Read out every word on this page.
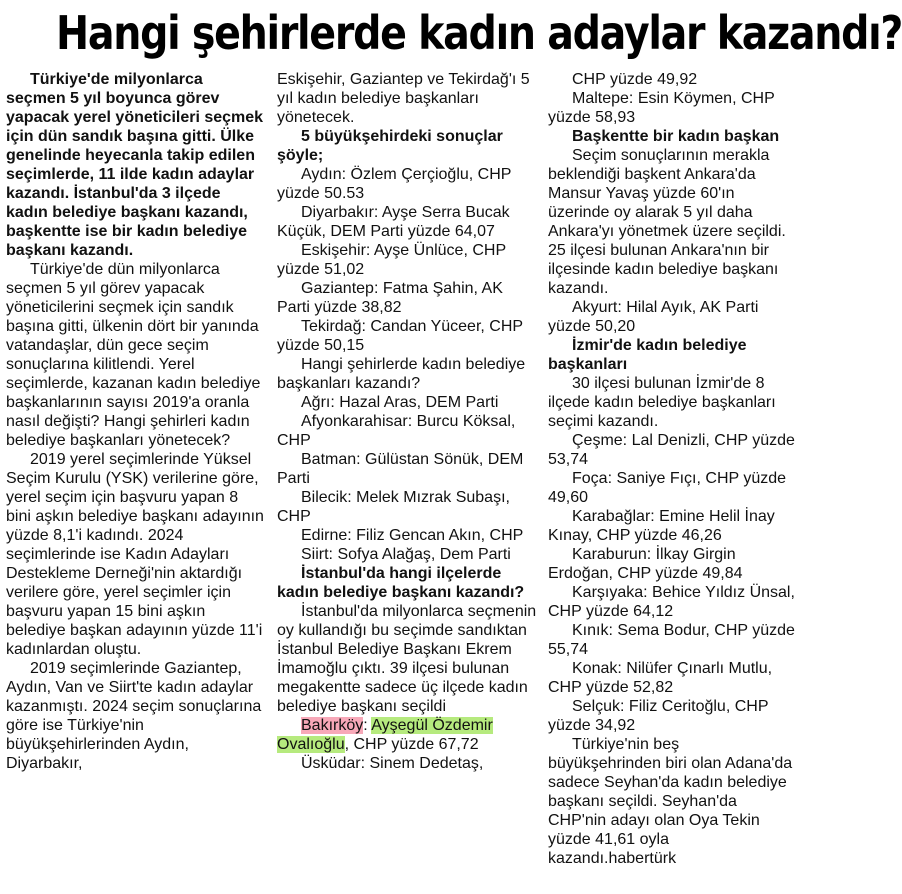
Hangi şehirlerde kadın adaylar kazandı?

Türkiye'de milyonlarca seçmen 5 yıl boyunca görev yapacak yerel yöneticileri seçmek için dün sandık başına gitti. Ülke genelinde heyecanla takip edilen seçimlerde, 11 ilde kadın adaylar kazandı. İstanbul'da 3 ilçede kadın belediye başkanı kazandı, başkentte ise bir kadın belediye başkanı kazandı.

Türkiye'de dün milyonlarca seçmen 5 yıl görev yapacak yöneticilerini seçmek için sandık başına gitti, ülkenin dört bir yanında vatandaşlar, dün gece seçim sonuçlarına kilitlendi. Yerel seçimlerde, kazanan kadın belediye başkanlarının sayısı 2019'a oranla nasıl değişti? Hangi şehirleri kadın belediye başkanları yönetecek?

2019 yerel seçimlerinde Yüksel Seçim Kurulu (YSK) verilerine göre, yerel seçim için başvuru yapan 8 bini aşkın belediye başkanı adayının yüzde 8,1'i kadındı. 2024 seçimlerinde ise Kadın Adayları Destekleme Derneği'nin aktardığı verilere göre, yerel seçimler için başvuru yapan 15 bini aşkın belediye başkan adayının yüzde 11'i kadınlardan oluştu.

2019 seçimlerinde Gaziantep, Aydın, Van ve Siirt'te kadın adaylar kazanmıştı. 2024 seçim sonuçlarına göre ise Türkiye'nin büyükşehirlerinden Aydın, Diyarbakır,

Eskişehir, Gaziantep ve Tekirdağ'ı 5 yıl kadın belediye başkanları yönetecek.

5 büyükşehirdeki sonuçlar şöyle;

Aydın: Özlem Çerçioğlu, CHP yüzde 50.53

Diyarbakır: Ayşe Serra Bucak Küçük, DEM Parti yüzde 64,07

Eskişehir: Ayşe Ünlüce, CHP yüzde 51,02

Gaziantep: Fatma Şahin, AK Parti yüzde 38,82

Tekirdağ: Candan Yüceer, CHP yüzde 50,15

Hangi şehirlerde kadın belediye başkanları kazandı?

Ağrı: Hazal Aras, DEM Parti

Afyonkarahisar: Burcu Köksal, CHP

Batman: Gülüstan Sönük, DEM Parti

Bilecik: Melek Mızrak Subaşı, CHP

Edirne: Filiz Gencan Akın, CHP

Siirt: Sofya Alağaş, Dem Parti

İstanbul'da hangi ilçelerde kadın belediye başkanı kazandı?

İstanbul'da milyonlarca seçmenin oy kullandığı bu seçimde sandıktan İstanbul Belediye Başkanı Ekrem İmamoğlu çıktı. 39 ilçesi bulunan megakentte sadece üç ilçede kadın belediye başkanı seçildi

Bakırköy: Ayşegül Özdemir Ovalıoğlu, CHP yüzde 67,72

Üsküdar: Sinem Dedetaş,

CHP yüzde 49,92

Maltepe: Esin Köymen, CHP yüzde 58,93

Başkentte bir kadın başkan

Seçim sonuçlarının merakla beklendiği başkent Ankara'da Mansur Yavaş yüzde 60'ın üzerinde oy alarak 5 yıl daha Ankara'yı yönetmek üzere seçildi. 25 ilçesi bulunan Ankara'nın bir ilçesinde kadın belediye başkanı kazandı.

Akyurt: Hilal Ayık, AK Parti yüzde 50,20

İzmir'de kadın belediye başkanları

30 ilçesi bulunan İzmir'de 8 ilçede kadın belediye başkanları seçimi kazandı.

Çeşme: Lal Denizli, CHP yüzde 53,74

Foça: Saniye Fıçı, CHP yüzde 49,60

Karabağlar: Emine Helil İnay Kınay, CHP yüzde 46,26

Karaburun: İlkay Girgin Erdoğan, CHP yüzde 49,84

Karşıyaka: Behice Yıldız Ünsal, CHP yüzde 64,12

Kınık: Sema Bodur, CHP yüzde 55,74

Konak: Nilüfer Çınarlı Mutlu, CHP yüzde 52,82

Selçuk: Filiz Ceritoğlu, CHP yüzde 34,92

Türkiye'nin beş büyükşehrinden biri olan Adana'da sadece Seyhan'da kadın belediye başkanı seçildi. Seyhan'da CHP'nin adayı olan Oya Tekin yüzde 41,61 oyla kazandı.habertürk
